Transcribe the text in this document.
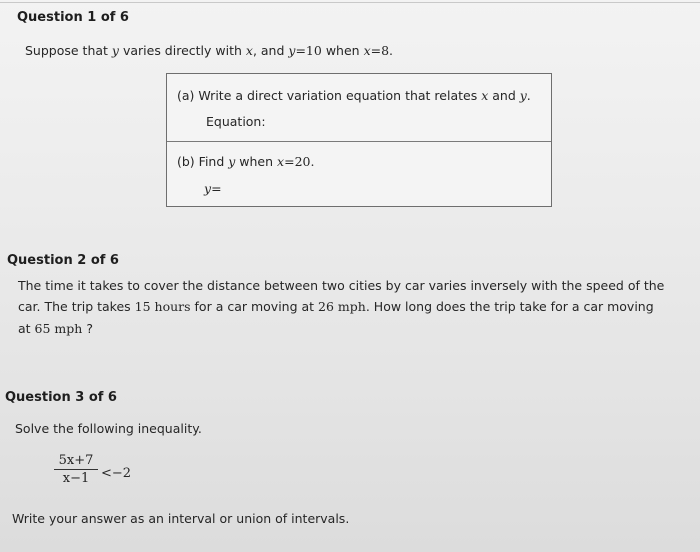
Question 1 of 6
Suppose that y varies directly with x, and y=10 when x=8.
(a) Write a direct variation equation that relates x and y.
Equation:
(b) Find y when x=20.
y=
Question 2 of 6
The time it takes to cover the distance between two cities by car varies inversely with the speed of the
car. The trip takes 15 hours for a car moving at 26 mph. How long does the trip take for a car moving
at 65 mph ?
Question 3 of 6
Solve the following inequality.
$\frac{5x+7}{x-1} <-2$
Write your answer as an interval or union of intervals.
